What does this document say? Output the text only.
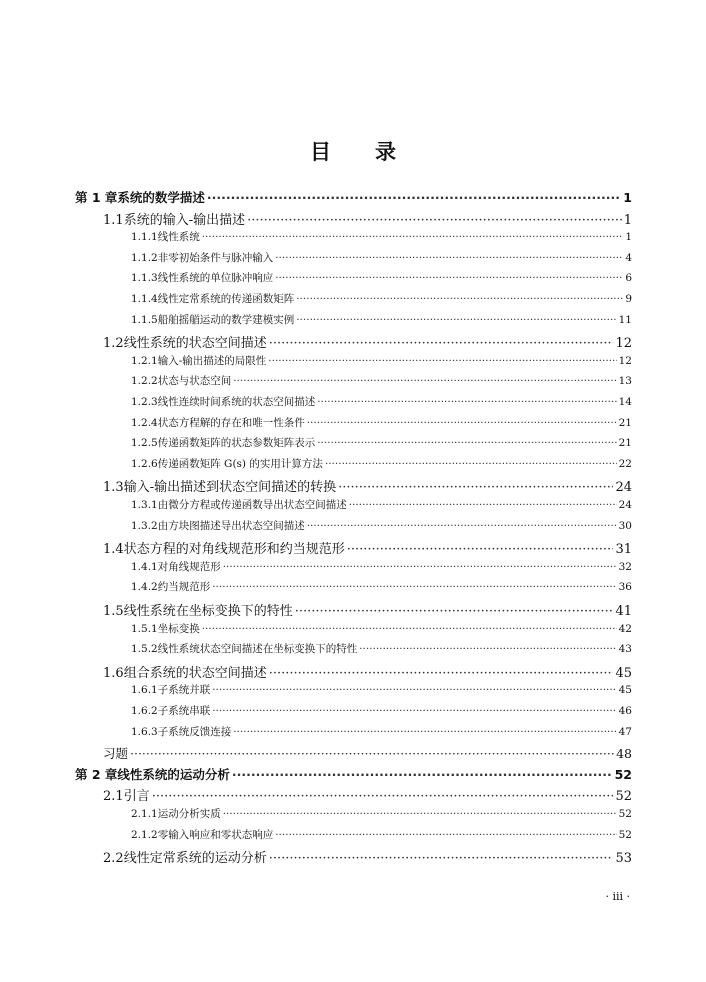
目 录
第 1 章 系统的数学描述 ·····	1
1.1 系统的输入-输出描述 ·····	1
1.1.1 线性系统 ·····	1
1.1.2 非零初始条件与脉冲输入 ·····	4
1.1.3 线性系统的单位脉冲响应 ·····	6
1.1.4 线性定常系统的传递函数矩阵 ·····	9
1.1.5 船舶摇艏运动的数学建模实例 ·····	11
1.2 线性系统的状态空间描述 ·····	12
1.2.1 输入-输出描述的局限性 ·····	12
1.2.2 状态与状态空间 ·····	13
1.2.3 线性连续时间系统的状态空间描述 ·····	14
1.2.4 状态方程解的存在和唯一性条件 ·····	21
1.2.5 传递函数矩阵的状态参数矩阵表示 ·····	21
1.2.6 传递函数矩阵 G(s) 的实用计算方法 ·····	22
1.3 输入-输出描述到状态空间描述的转换 ·····	24
1.3.1 由微分方程或传递函数导出状态空间描述 ·····	24
1.3.2 由方块图描述导出状态空间描述 ·····	30
1.4 状态方程的对角线规范形和约当规范形 ·····	31
1.4.1 对角线规范形 ·····	32
1.4.2 约当规范形 ·····	36
1.5 线性系统在坐标变换下的特性 ·····	41
1.5.1 坐标变换 ·····	42
1.5.2 线性系统状态空间描述在坐标变换下的特性 ·····	43
1.6 组合系统的状态空间描述 ·····	45
1.6.1 子系统并联 ·····	45
1.6.2 子系统串联 ·····	46
1.6.3 子系统反馈连接 ·····	47
习题 ·····	48
第 2 章 线性系统的运动分析 ·····	52
2.1 引言 ·····	52
2.1.1 运动分析实质 ·····	52
2.1.2 零输入响应和零状态响应 ·····	52
2.2 线性定常系统的运动分析 ·····	53
· iii ·
